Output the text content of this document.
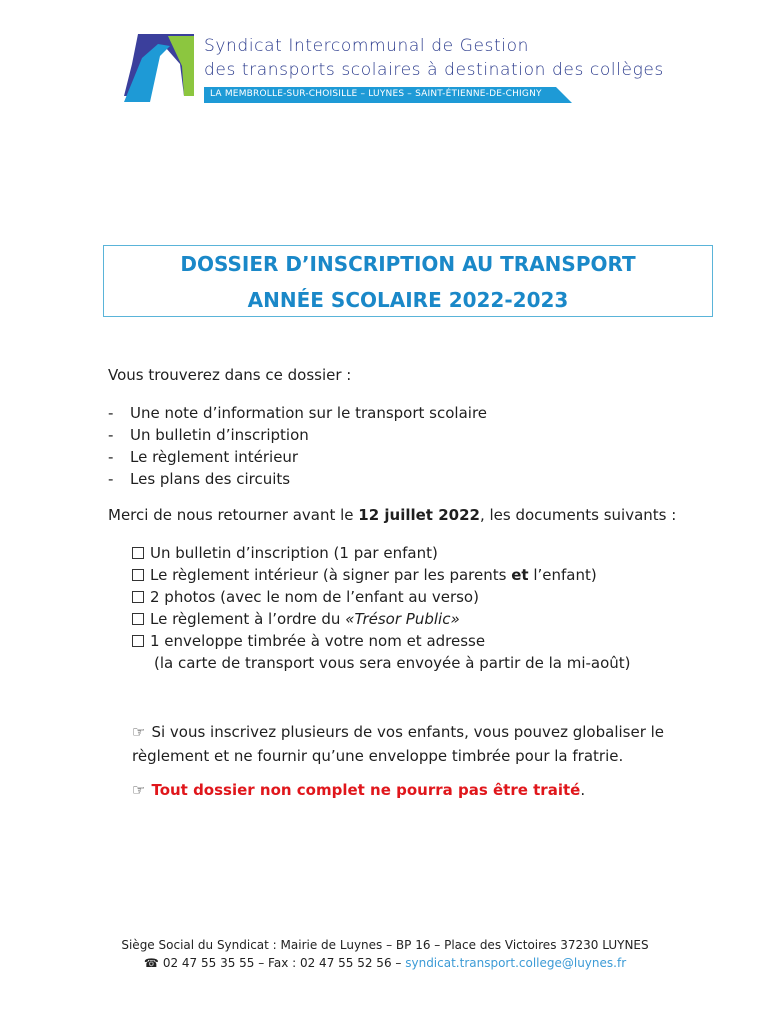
Syndicat Intercommunal de Gestion
des transports scolaires à destination des collèges
LA MEMBROLLE-SUR-CHOISILLE – LUYNES – SAINT-ÉTIENNE-DE-CHIGNY
DOSSIER D’INSCRIPTION AU TRANSPORT
ANNÉE SCOLAIRE 2022-2023

Vous trouverez dans ce dossier :

- Une note d’information sur le transport scolaire
- Un bulletin d’inscription
- Le règlement intérieur
- Les plans des circuits

Merci de nous retourner avant le 12 juillet 2022, les documents suivants :

Un bulletin d’inscription (1 par enfant)
Le règlement intérieur (à signer par les parents et l’enfant)
2 photos (avec le nom de l’enfant au verso)
Le règlement à l’ordre du «Trésor Public»
1 enveloppe timbrée à votre nom et adresse
(la carte de transport vous sera envoyée à partir de la mi-août)

☞ Si vous inscrivez plusieurs de vos enfants, vous pouvez globaliser le règlement et ne fournir qu’une enveloppe timbrée pour la fratrie.

☞ Tout dossier non complet ne pourra pas être traité.

Siège Social du Syndicat : Mairie de Luynes – BP 16 – Place des Victoires 37230 LUYNES
☎ 02 47 55 35 55 – Fax : 02 47 55 52 56 – syndicat.transport.college@luynes.fr
